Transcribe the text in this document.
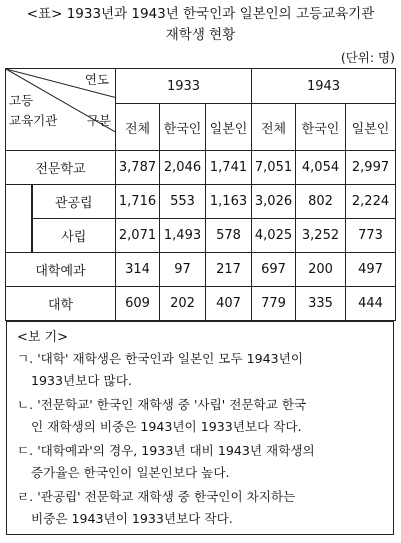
<표> 1933년과 1943년 한국인과 일본인의 고등교육기관
재학생 현황
(단위: 명)
연도
고등
교육기관 구분		1933			1943		
		전체	한국인	일본인	전체	한국인	일본인
전문학교		3,787	2,046	1,741	7,051	4,054	2,997
	관공립	1,716	553	1,163	3,026	802	2,224
	사립	2,071	1,493	578	4,025	3,252	773
대학예과		314	97	217	697	200	497
대학		609	202	407	779	335	444
<보 기>
ㄱ. '대학' 재학생은 한국인과 일본인 모두 1943년이
1933년보다 많다.
ㄴ. '전문학교' 한국인 재학생 중 '사립' 전문학교 한국
인 재학생의 비중은 1943년이 1933년보다 작다.
ㄷ. '대학예과'의 경우, 1933년 대비 1943년 재학생의
증가율은 한국인이 일본인보다 높다.
ㄹ. '관공립' 전문학교 재학생 중 한국인이 차지하는
비중은 1943년이 1933년보다 작다.
